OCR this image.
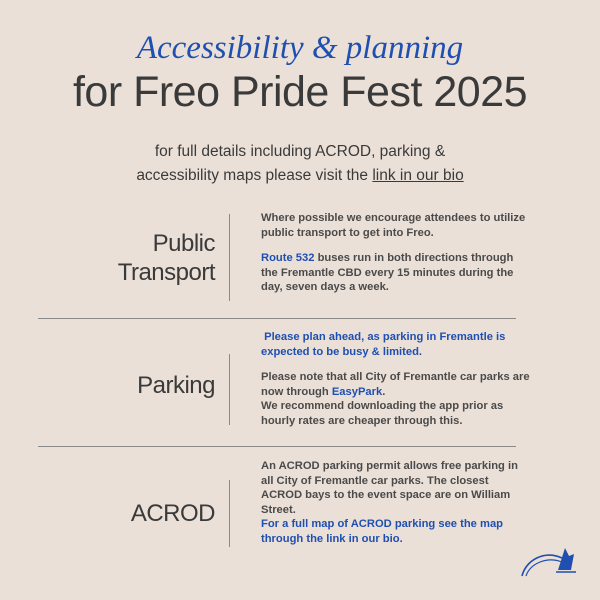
Accessibility & planning
for Freo Pride Fest 2025
for full details including ACROD, parking &
accessibility maps please visit the link in our bio
Public
Transport
Where possible we encourage attendees to utilize public transport to get into Freo.
Route 532 buses run in both directions through the Fremantle CBD every 15 minutes during the day, seven days a week.
Parking
Please plan ahead, as parking in Fremantle is expected to be busy & limited.
Please note that all City of Fremantle car parks are now through EasyPark.
We recommend downloading the app prior as hourly rates are cheaper through this.
ACROD
An ACROD parking permit allows free parking in all City of Fremantle car parks. The closest ACROD bays to the event space are on William Street.
For a full map of ACROD parking see the map through the link in our bio.
